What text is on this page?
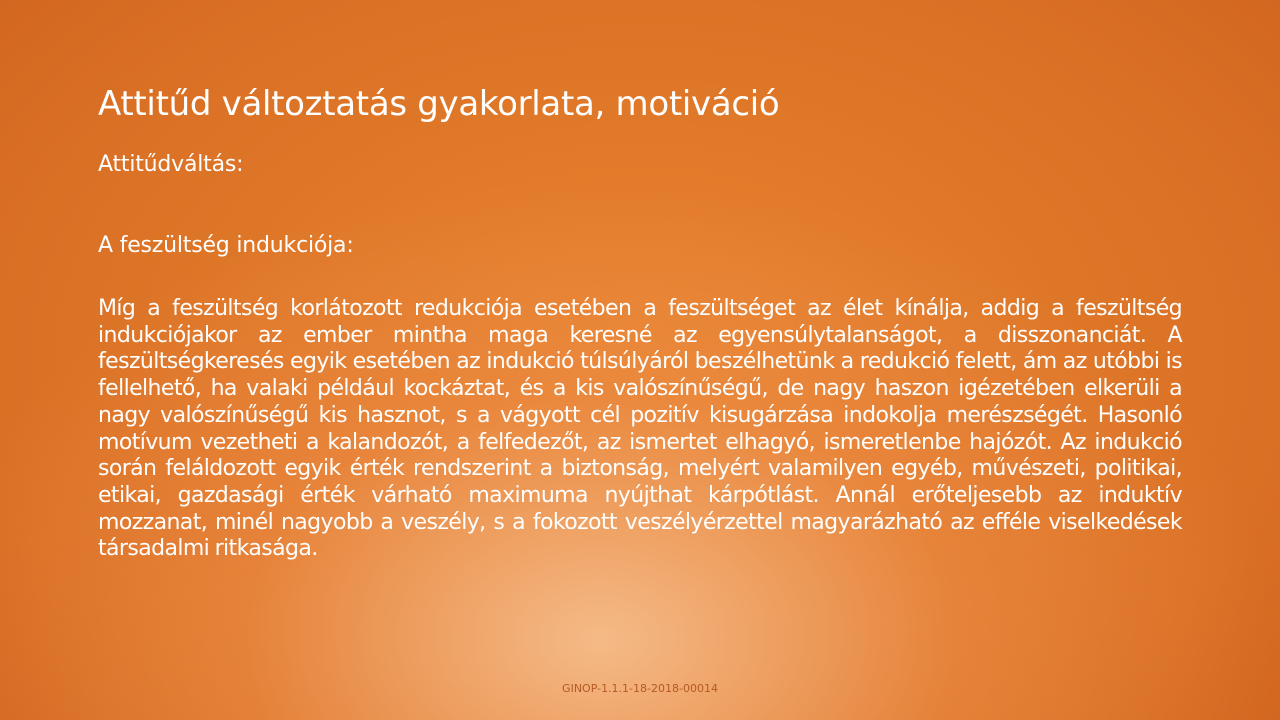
Attitűd változtatás gyakorlata, motiváció
Attitűdváltás:
A feszültség indukciója:
Míg a feszültség korlátozott redukciója esetében a feszültséget az élet kínálja, addig a feszültség indukciójakor az ember mintha maga keresné az egyensúlytalanságot, a disszonanciát. A feszültségkeresés egyik esetében az indukció túlsúlyáról beszélhetünk a redukció felett, ám az utóbbi is fellelhető, ha valaki például kockáztat, és a kis valószínűségű, de nagy haszon igézetében elkerüli a nagy valószínűségű kis hasznot, s a vágyott cél pozitív kisugárzása indokolja merészségét. Hasonló motívum vezetheti a kalandozót, a felfedezőt, az ismertet elhagyó, ismeretlenbe hajózót. Az indukció során feláldozott egyik érték rendszerint a biztonság, melyért valamilyen egyéb, művészeti, politikai, etikai, gazdasági érték várható maximuma nyújthat kárpótlást. Annál erőteljesebb az induktív mozzanat, minél nagyobb a veszély, s a fokozott veszélyérzettel magyarázható az efféle viselkedések társadalmi ritkasága.
GINOP-1.1.1-18-2018-00014
